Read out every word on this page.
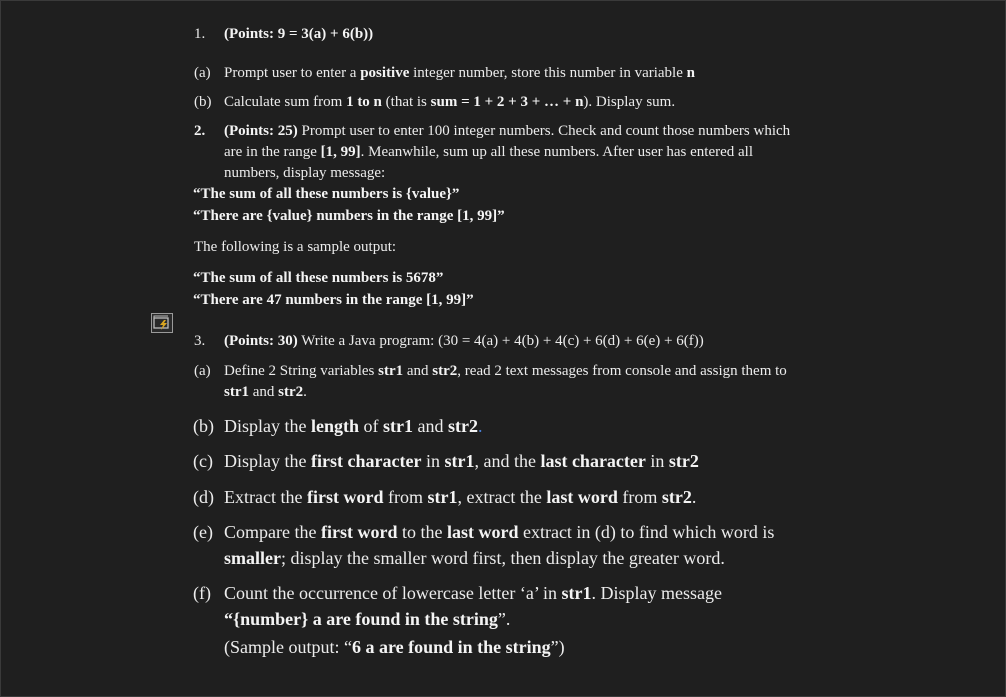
1. (Points: 9 = 3(a) + 6(b))
(a) Prompt user to enter a positive integer number, store this number in variable n
(b) Calculate sum from 1 to n (that is sum = 1 + 2 + 3 + … + n). Display sum.
2. (Points: 25) Prompt user to enter 100 integer numbers. Check and count those numbers which
are in the range [1, 99]. Meanwhile, sum up all these numbers. After user has entered all
numbers, display message:
“The sum of all these numbers is {value}”
“There are {value} numbers in the range [1, 99]”
The following is a sample output:
“The sum of all these numbers is 5678”
“There are 47 numbers in the range [1, 99]”
3. (Points: 30) Write a Java program: (30 = 4(a) + 4(b) + 4(c) + 6(d) + 6(e) + 6(f))
(a) Define 2 String variables str1 and str2, read 2 text messages from console and assign them to
str1 and str2.
(b) Display the length of str1 and str2.
(c) Display the first character in str1, and the last character in str2
(d) Extract the first word from str1, extract the last word from str2.
(e) Compare the first word to the last word extract in (d) to find which word is
smaller; display the smaller word first, then display the greater word.
(f) Count the occurrence of lowercase letter ‘a’ in str1. Display message
“{number} a are found in the string”.
(Sample output: “6 a are found in the string”)
